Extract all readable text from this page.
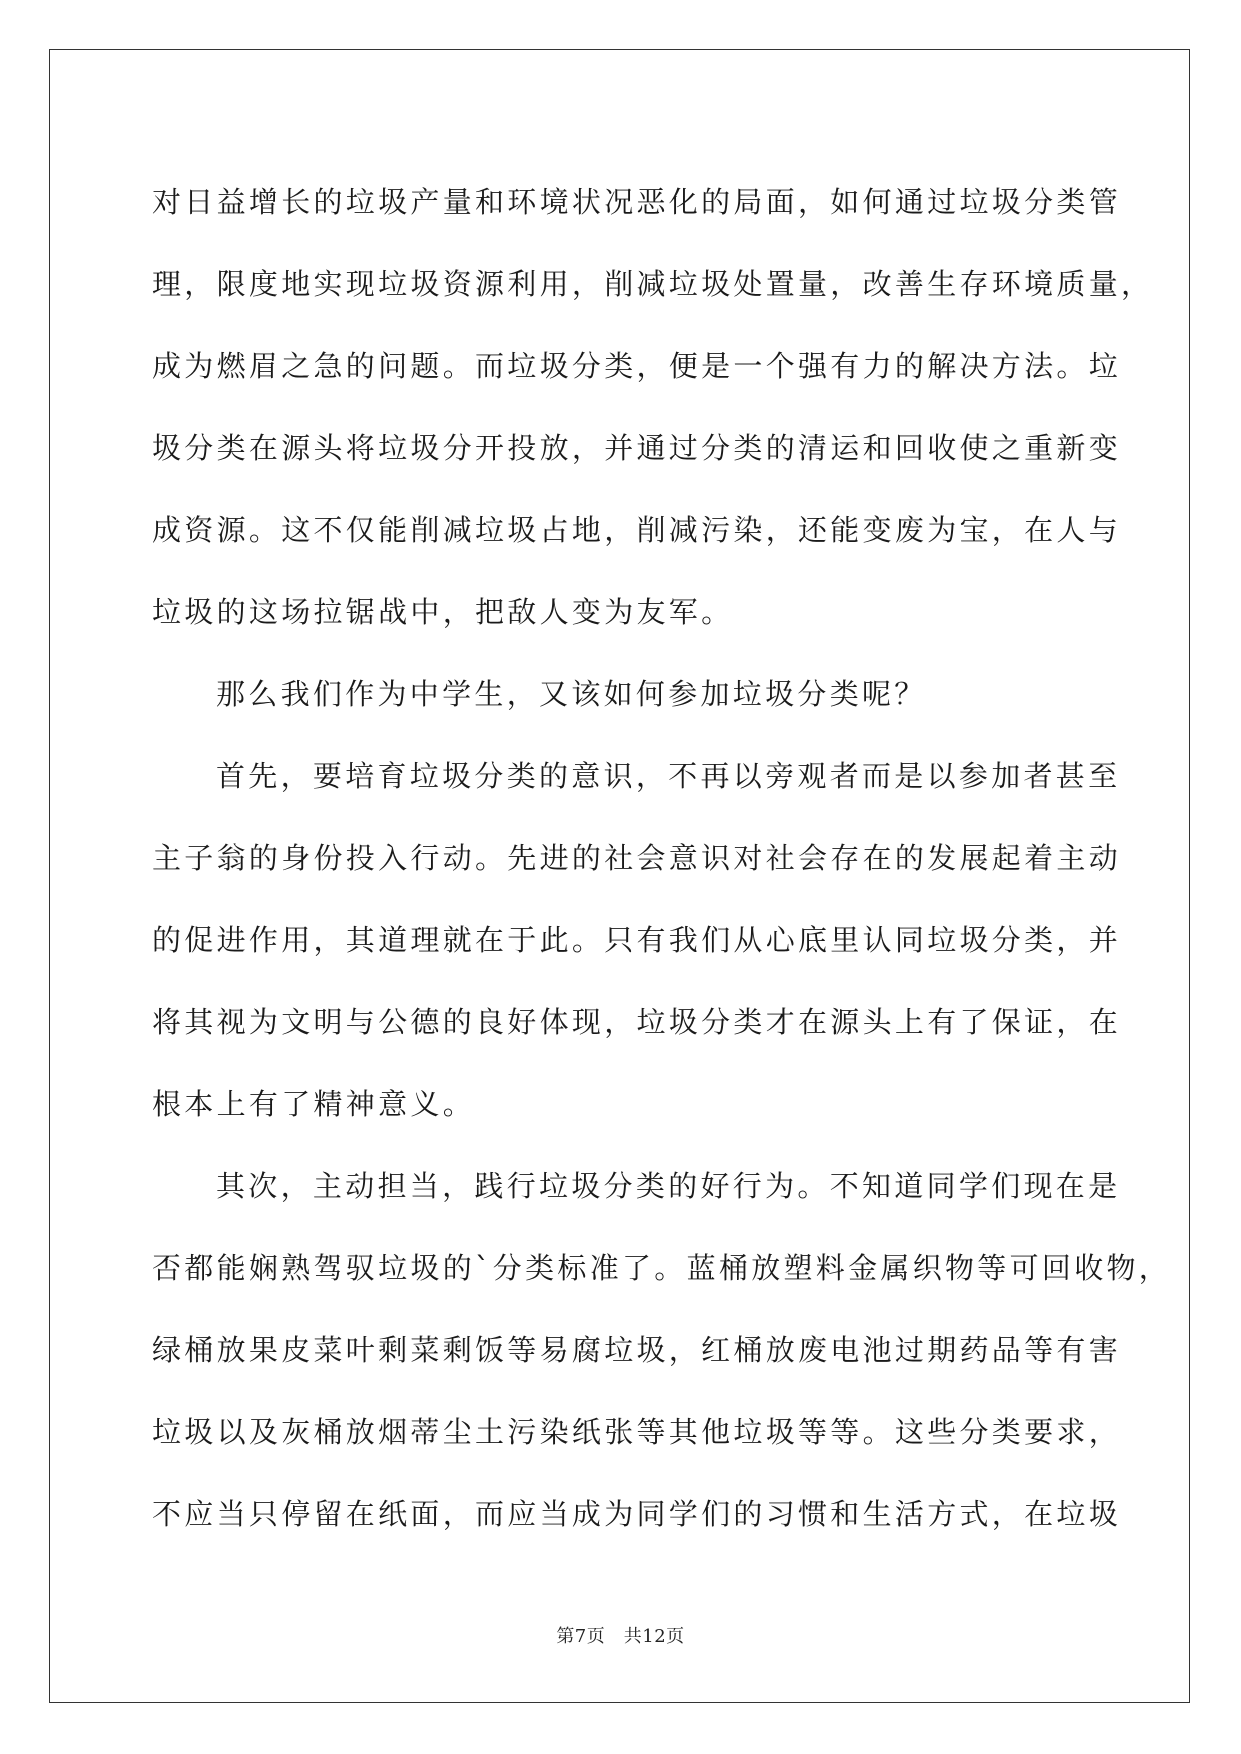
对日益增长的垃圾产量和环境状况恶化的局面，如何通过垃圾分类管
理，限度地实现垃圾资源利用，削减垃圾处置量，改善生存环境质量，
成为燃眉之急的问题。而垃圾分类，便是一个强有力的解决方法。垃
圾分类在源头将垃圾分开投放，并通过分类的清运和回收使之重新变
成资源。这不仅能削减垃圾占地，削减污染，还能变废为宝，在人与
垃圾的这场拉锯战中，把敌人变为友军。
那么我们作为中学生，又该如何参加垃圾分类呢？
首先，要培育垃圾分类的意识，不再以旁观者而是以参加者甚至
主子翁的身份投入行动。先进的社会意识对社会存在的发展起着主动
的促进作用，其道理就在于此。只有我们从心底里认同垃圾分类，并
将其视为文明与公德的良好体现，垃圾分类才在源头上有了保证，在
根本上有了精神意义。
其次，主动担当，践行垃圾分类的好行为。不知道同学们现在是
否都能娴熟驾驭垃圾的`分类标准了。蓝桶放塑料金属织物等可回收物，
绿桶放果皮菜叶剩菜剩饭等易腐垃圾，红桶放废电池过期药品等有害
垃圾以及灰桶放烟蒂尘土污染纸张等其他垃圾等等。这些分类要求，
不应当只停留在纸面，而应当成为同学们的习惯和生活方式，在垃圾
第7页　共12页
